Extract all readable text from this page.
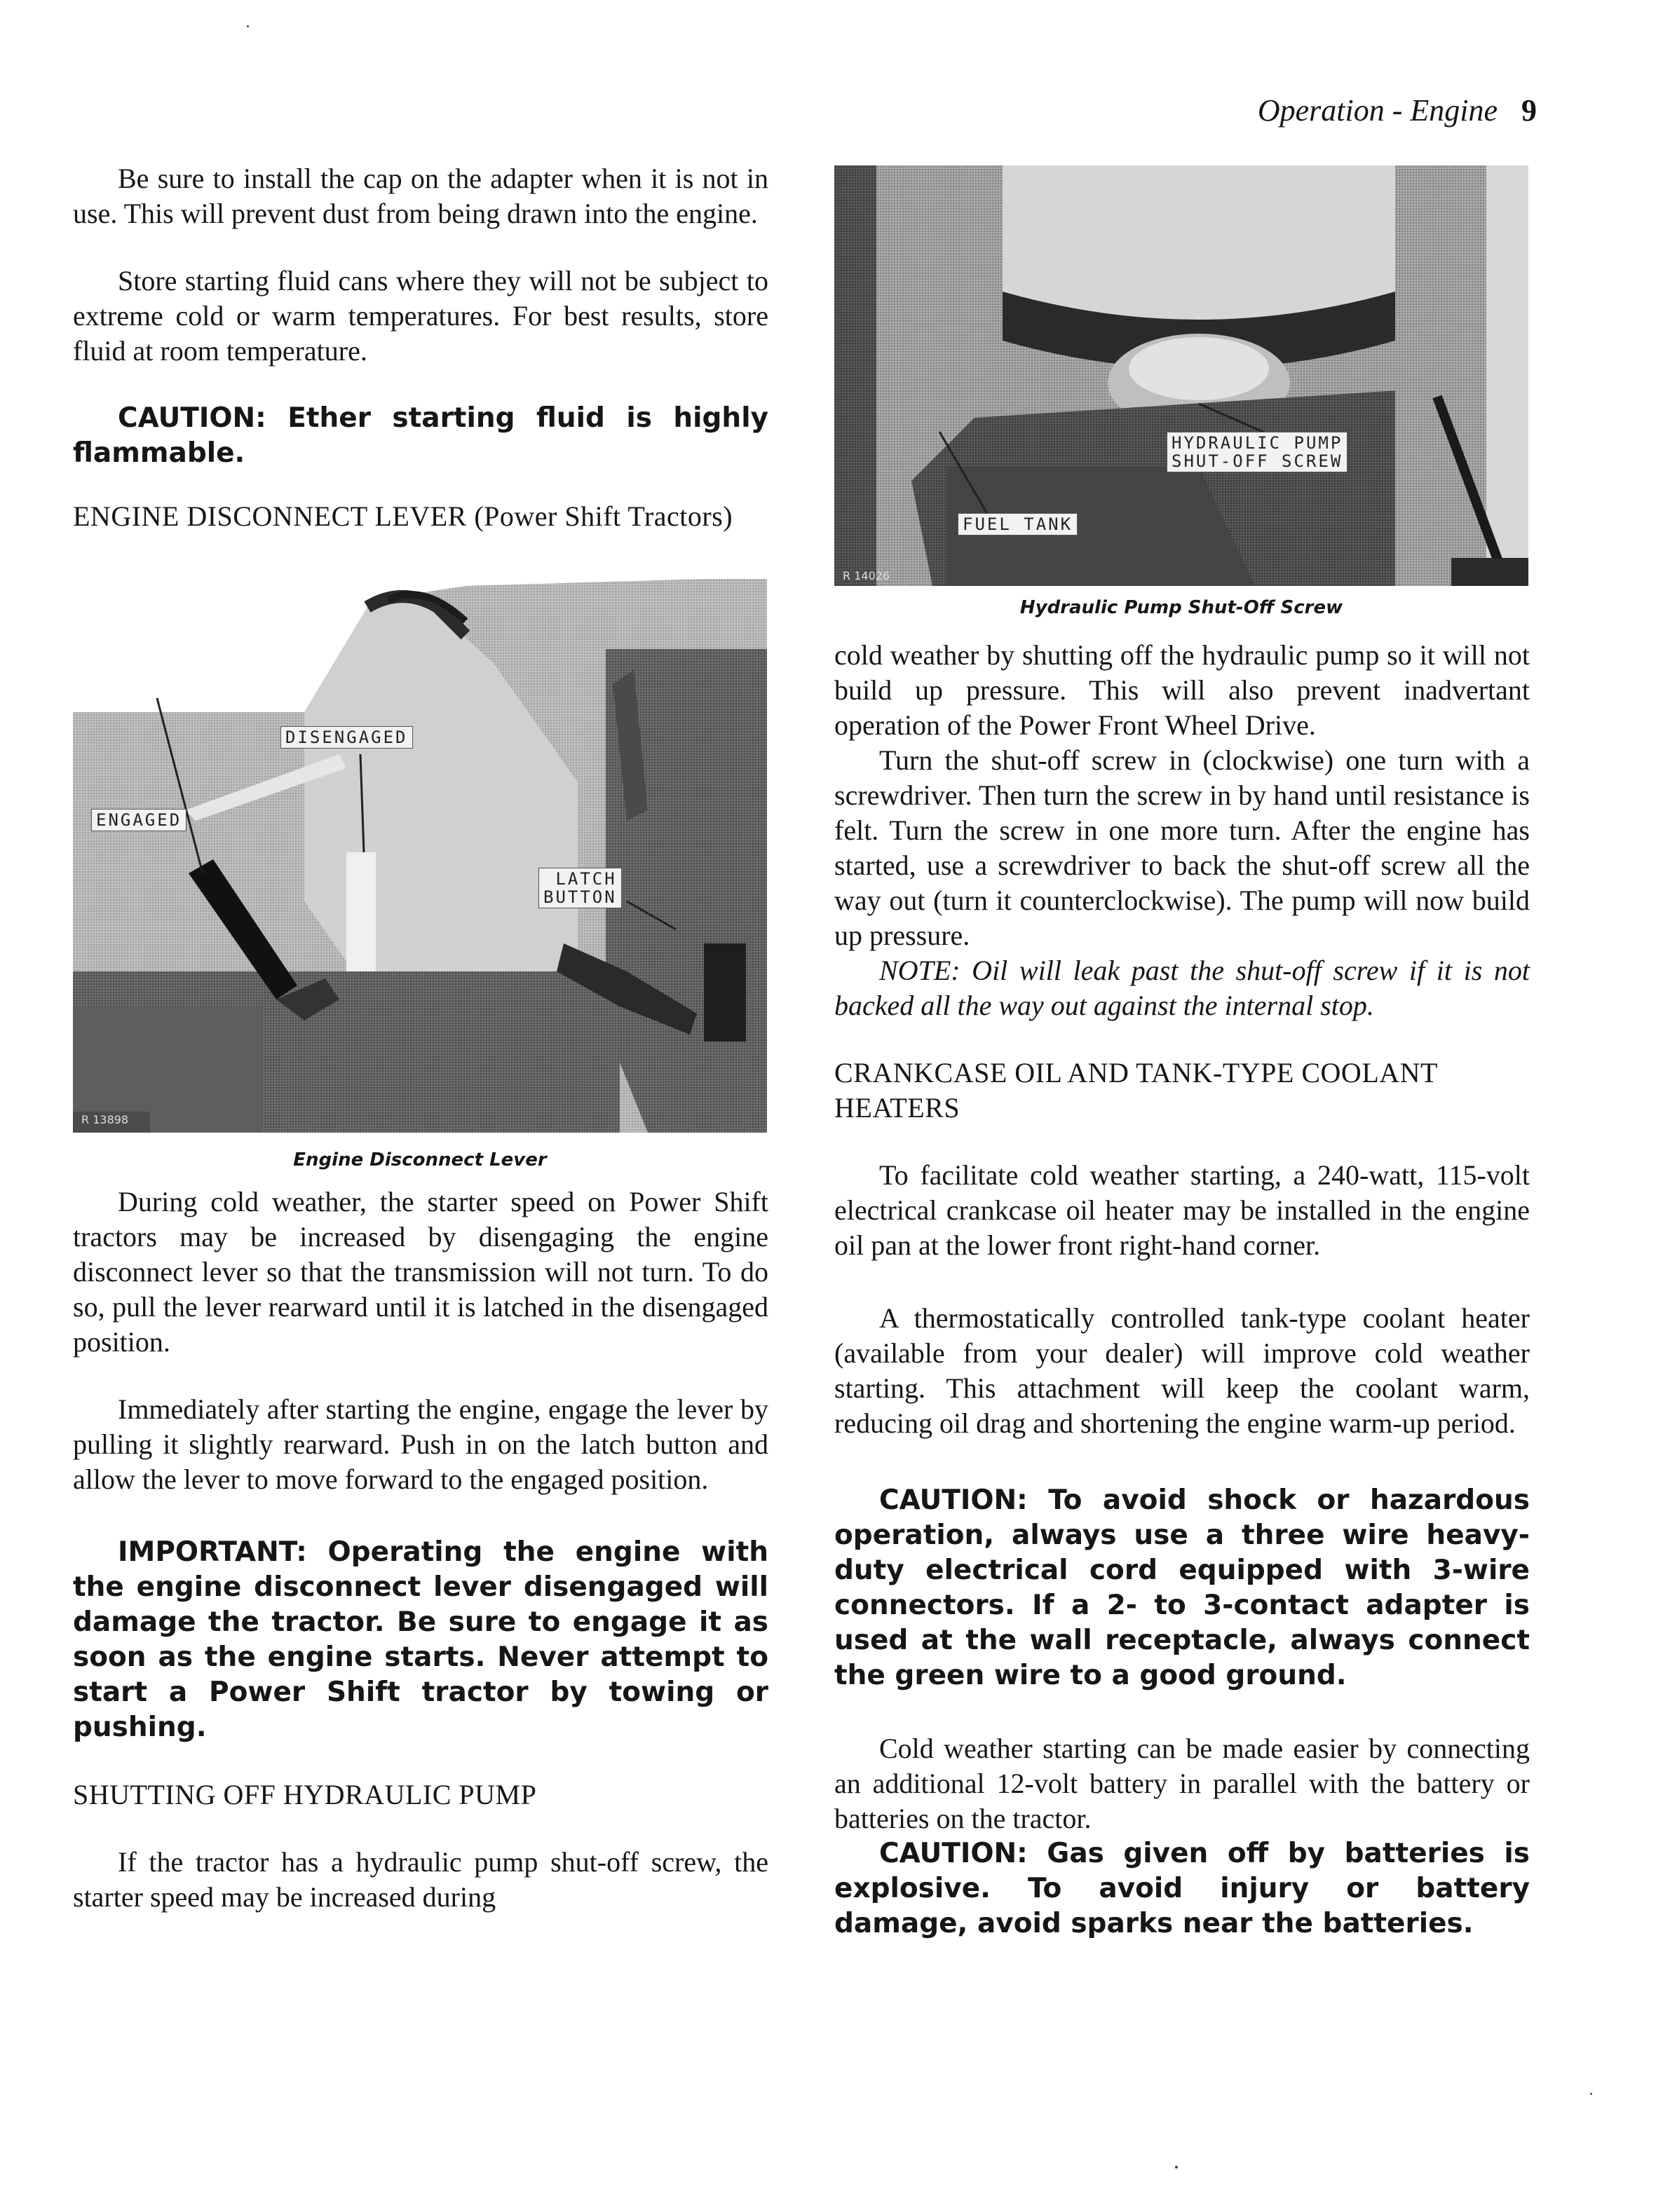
Operation - Engine 9

Be sure to install the cap on the adapter when it is not in use. This will prevent dust from being drawn into the engine.

Store starting fluid cans where they will not be subject to extreme cold or warm temperatures. For best results, store fluid at room temperature.

CAUTION: Ether starting fluid is highly flammable.

ENGINE DISCONNECT LEVER (Power Shift Tractors)

DISENGAGED
ENGAGED
LATCH
BUTTON
R 13898

Engine Disconnect Lever

During cold weather, the starter speed on Power Shift tractors may be increased by disengaging the engine disconnect lever so that the transmission will not turn. To do so, pull the lever rearward until it is latched in the disengaged position.

Immediately after starting the engine, engage the lever by pulling it slightly rearward. Push in on the latch button and allow the lever to move forward to the engaged position.

IMPORTANT: Operating the engine with the engine disconnect lever disengaged will damage the tractor. Be sure to engage it as soon as the engine starts. Never attempt to start a Power Shift tractor by towing or pushing.

SHUTTING OFF HYDRAULIC PUMP

If the tractor has a hydraulic pump shut-off screw, the starter speed may be increased during

HYDRAULIC PUMP
SHUT-OFF SCREW
FUEL TANK
R 14026

Hydraulic Pump Shut-Off Screw

cold weather by shutting off the hydraulic pump so it will not build up pressure. This will also prevent inadvertant operation of the Power Front Wheel Drive.

Turn the shut-off screw in (clockwise) one turn with a screwdriver. Then turn the screw in by hand until resistance is felt. Turn the screw in one more turn. After the engine has started, use a screwdriver to back the shut-off screw all the way out (turn it counterclockwise). The pump will now build up pressure.

NOTE: Oil will leak past the shut-off screw if it is not backed all the way out against the internal stop.

CRANKCASE OIL AND TANK-TYPE COOLANT HEATERS

To facilitate cold weather starting, a 240-watt, 115-volt electrical crankcase oil heater may be installed in the engine oil pan at the lower front right-hand corner.

A thermostatically controlled tank-type coolant heater (available from your dealer) will improve cold weather starting. This attachment will keep the coolant warm, reducing oil drag and shortening the engine warm-up period.

CAUTION: To avoid shock or hazardous operation, always use a three wire heavy-duty electrical cord equipped with 3-wire connectors. If a 2- to 3-contact adapter is used at the wall receptacle, always connect the green wire to a good ground.

Cold weather starting can be made easier by connecting an additional 12-volt battery in parallel with the battery or batteries on the tractor.

CAUTION: Gas given off by batteries is explosive. To avoid injury or battery damage, avoid sparks near the batteries.
